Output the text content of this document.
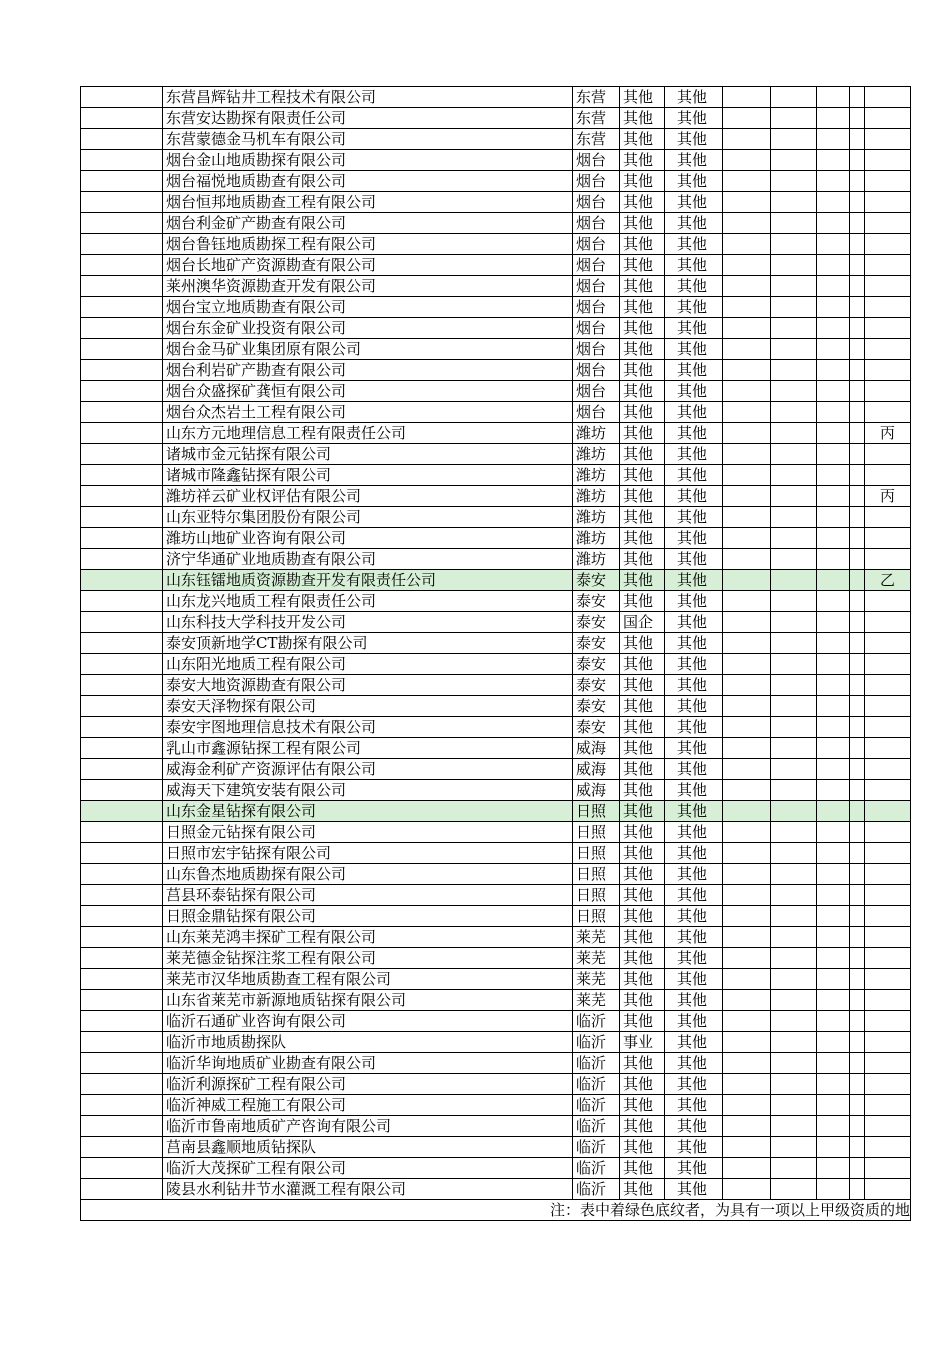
	东营昌辉钻井工程技术有限公司	东营	其他	其他					
	东营安达勘探有限责任公司	东营	其他	其他					
	东营蒙德金马机车有限公司	东营	其他	其他					
	烟台金山地质勘探有限公司	烟台	其他	其他					
	烟台福悦地质勘查有限公司	烟台	其他	其他					
	烟台恒邦地质勘查工程有限公司	烟台	其他	其他					
	烟台利金矿产勘查有限公司	烟台	其他	其他					
	烟台鲁钰地质勘探工程有限公司	烟台	其他	其他					
	烟台长地矿产资源勘查有限公司	烟台	其他	其他					
	莱州澳华资源勘查开发有限公司	烟台	其他	其他					
	烟台宝立地质勘查有限公司	烟台	其他	其他					
	烟台东金矿业投资有限公司	烟台	其他	其他					
	烟台金马矿业集团原有限公司	烟台	其他	其他					
	烟台利岩矿产勘查有限公司	烟台	其他	其他					
	烟台众盛探矿龚恒有限公司	烟台	其他	其他					
	烟台众杰岩土工程有限公司	烟台	其他	其他					
	山东方元地理信息工程有限责任公司	潍坊	其他	其他					丙
	诸城市金元钻探有限公司	潍坊	其他	其他					
	诸城市隆鑫钻探有限公司	潍坊	其他	其他					
	潍坊祥云矿业权评估有限公司	潍坊	其他	其他					丙
	山东亚特尔集团股份有限公司	潍坊	其他	其他					
	潍坊山地矿业咨询有限公司	潍坊	其他	其他					
	济宁华通矿业地质勘查有限公司	潍坊	其他	其他					
	山东钰镭地质资源勘查开发有限责任公司	泰安	其他	其他					乙
	山东龙兴地质工程有限责任公司	泰安	其他	其他					
	山东科技大学科技开发公司	泰安	国企	其他					
	泰安顶新地学CT勘探有限公司	泰安	其他	其他					
	山东阳光地质工程有限公司	泰安	其他	其他					
	泰安大地资源勘查有限公司	泰安	其他	其他					
	泰安天泽物探有限公司	泰安	其他	其他					
	泰安宇图地理信息技术有限公司	泰安	其他	其他					
	乳山市鑫源钻探工程有限公司	威海	其他	其他					
	威海金利矿产资源评估有限公司	威海	其他	其他					
	威海天下建筑安装有限公司	威海	其他	其他					
	山东金星钻探有限公司	日照	其他	其他					
	日照金元钻探有限公司	日照	其他	其他					
	日照市宏宇钻探有限公司	日照	其他	其他					
	山东鲁杰地质勘探有限公司	日照	其他	其他					
	莒县环泰钻探有限公司	日照	其他	其他					
	日照金鼎钻探有限公司	日照	其他	其他					
	山东莱芜鸿丰探矿工程有限公司	莱芜	其他	其他					
	莱芜德金钻探注浆工程有限公司	莱芜	其他	其他					
	莱芜市汉华地质勘查工程有限公司	莱芜	其他	其他					
	山东省莱芜市新源地质钻探有限公司	莱芜	其他	其他					
	临沂石通矿业咨询有限公司	临沂	其他	其他					
	临沂市地质勘探队	临沂	事业	其他					
	临沂华询地质矿业勘查有限公司	临沂	其他	其他					
	临沂利源探矿工程有限公司	临沂	其他	其他					
	临沂神威工程施工有限公司	临沂	其他	其他					
	临沂市鲁南地质矿产咨询有限公司	临沂	其他	其他					
	莒南县鑫顺地质钻探队	临沂	其他	其他					
	临沂大茂探矿工程有限公司	临沂	其他	其他					
	陵县水利钻井节水灌溉工程有限公司	临沂	其他	其他					
注：表中着绿色底纹者，为具有一项以上甲级资质的地									
